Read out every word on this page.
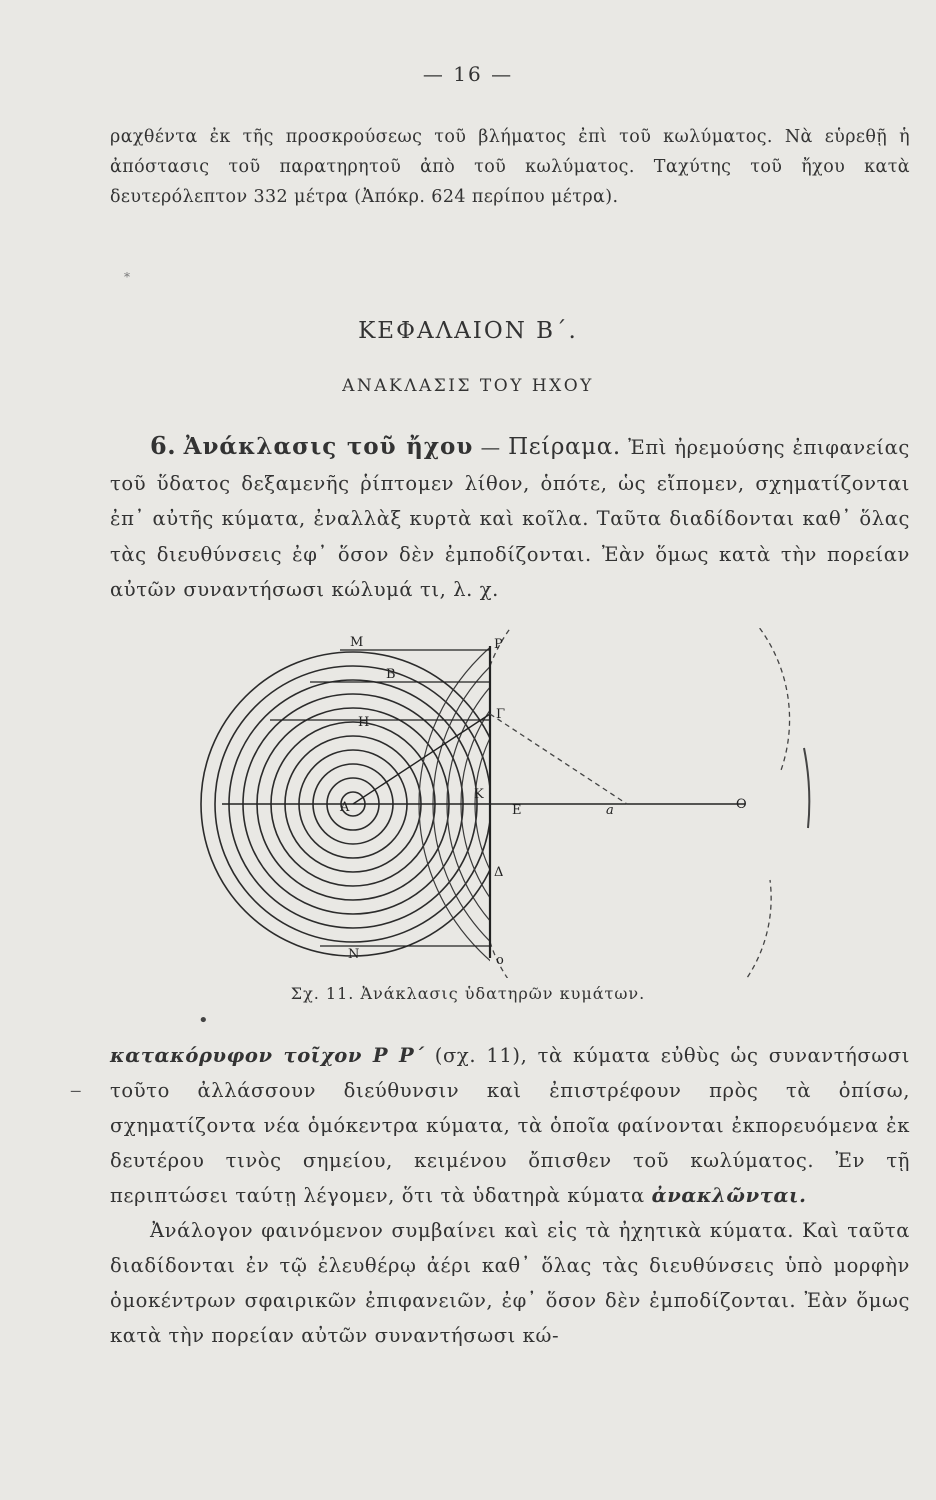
— 16 —
ραχθέντα ἐκ τῆς προσκρούσεως τοῦ βλήματος ἐπὶ τοῦ κωλύματος. Νὰ εὑρεθῇ ἡ ἀπόστασις τοῦ παρατηρητοῦ ἀπὸ τοῦ κωλύματος. Ταχύτης τοῦ ἤχου κατὰ δευτερόλεπτον 332 μέτρα (Ἀπόκρ. 624 περίπου μέτρα).
*
ΚΕΦΑΛΑΙΟΝ Β΄.
ΑΝΑΚΛΑΣΙΣ ΤΟΥ ΗΧΟΥ
6. Ἀνάκλασις τοῦ ἤχου — Πείραμα. Ἐπὶ ἠρεμούσης ἐπιφανείας τοῦ ὕδατος δεξαμενῆς ῥίπτομεν λίθον, ὁπότε, ὡς εἴπομεν, σχηματίζονται ἐπ᾽ αὐτῆς κύματα, ἐναλλὰξ κυρτὰ καὶ κοῖλα. Ταῦτα διαδίδονται καθ᾽ ὅλας τὰς διευθύνσεις ἐφ᾽ ὅσον δὲν ἐμποδίζονται. Ἐὰν ὅμως κατὰ τὴν πορείαν αὐτῶν συναντήσωσι κώλυμά τι, λ. χ.
M
B
H
P
Γ
A
K
E	a	O
Δ
N	o
Σχ. 11. Ἀνάκλασις ὑδατηρῶν κυμάτων.
•
κατακόρυφον τοῖχον P P΄ (σχ. 11), τὰ κύματα εὐθὺς ὡς συναντήσωσι τοῦτο ἀλλάσσουν διεύθυνσιν καὶ ἐπιστρέφουν πρὸς τὰ ὀπίσω, σχηματίζοντα νέα ὁμόκεντρα κύματα, τὰ ὁποῖα φαίνονται ἐκπορευόμενα ἐκ δευτέρου τινὸς σημείου, κειμένου ὄπισθεν τοῦ κωλύματος. Ἐν τῇ περιπτώσει ταύτῃ λέγομεν, ὅτι τὰ ὑδατηρὰ κύματα ἀνακλῶνται.
Ἀνάλογον φαινόμενον συμβαίνει καὶ εἰς τὰ ἠχητικὰ κύματα. Καὶ ταῦτα διαδίδονται ἐν τῷ ἐλευθέρῳ ἀέρι καθ᾽ ὅλας τὰς διευθύνσεις ὑπὸ μορφὴν ὁμοκέντρων σφαιρικῶν ἐπιφανειῶν, ἐφ᾽ ὅσον δὲν ἐμποδίζονται. Ἐὰν ὅμως κατὰ τὴν πορείαν αὐτῶν συναντήσωσι κώ-
‒
